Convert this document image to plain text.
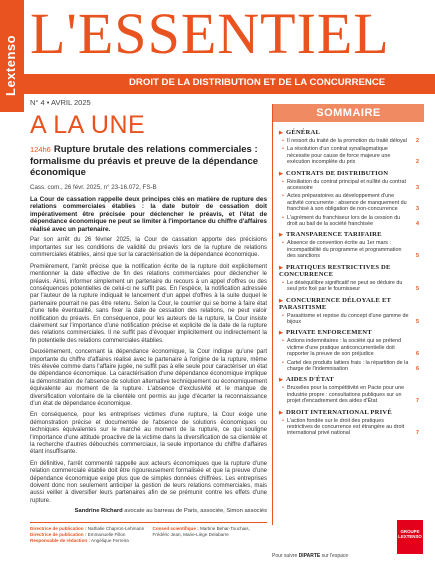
Lextenso L'ESSENTIEL
DROIT DE LA DISTRIBUTION ET DE LA CONCURRENCE
N° 4 • AVRIL 2025
A LA UNE
124h6 Rupture brutale des relations commerciales : formalisme du préavis et preuve de la dépendance économique
Cass. com., 26 févr. 2025, n° 23-16.072, FS-B
La Cour de cassation rappelle deux principes clés en matière de rupture des relations commerciales établies : la date butoir de cessation doit impérativement être précisée pour déclencher le préavis, et l'état de dépendance économique ne peut se limiter à l'importance du chiffre d'affaires réalisé avec un partenaire.
Par son arrêt du 26 février 2025, la Cour de cassation apporte des précisions importantes sur les conditions de validité du préavis lors de la rupture de relations commerciales établies, ainsi que sur la caractérisation de la dépendance économique.
Premièrement, l'arrêt précise que la notification écrite de la rupture doit explicitement mentionner la date effective de fin des relations commerciales pour déclencher le préavis. Ainsi, informer simplement un partenaire du recours à un appel d'offres ou des conséquences potentielles de celui-ci ne suffit pas. En l'espèce, la notification adressée par l'auteur de la rupture indiquait le lancement d'un appel d'offres à la suite duquel le partenaire pourrait ne pas être retenu. Selon la Cour, le courrier qui se borne à faire état d'une telle éventualité, sans fixer la date de cessation des relations, ne peut valoir notification du préavis. En conséquence, pour les auteurs de la rupture, la Cour insiste clairement sur l'importance d'une notification précise et explicite de la date de la rupture des relations commerciales. Il ne suffit pas d'évoquer implicitement ou indirectement la fin potentielle des relations commerciales établies.
Deuxièmement, concernant la dépendance économique, la Cour indique qu'une part importante du chiffre d'affaires réalisé avec le partenaire à l'origine de la rupture, même très élevée comme dans l'affaire jugée, ne suffit pas à elle seule pour caractériser un état de dépendance économique. La caractérisation d'une dépendance économique implique la démonstration de l'absence de solution alternative techniquement ou économiquement équivalente au moment de la rupture. L'absence d'exclusivité et le manque de diversification volontaire de la clientèle ont permis au juge d'écarter la reconnaissance d'un état de dépendance économique.
En conséquence, pour les entreprises victimes d'une rupture, la Cour exige une démonstration précise et documentée de l'absence de solutions économiques ou techniques équivalentes sur le marché au moment de la rupture, ce qui souligne l'importance d'une attitude proactive de la victime dans la diversification de sa clientèle et la recherche d'autres débouchés commerciaux, la seule importance du chiffre d'affaires étant insuffisante.
En définitive, l'arrêt commenté rappelle aux acteurs économiques que la rupture d'une relation commerciale établie doit être rigoureusement formalisée et que la preuve d'une dépendance économique exige plus que de simples données chiffrées. Les entreprises doivent donc non seulement anticiper la gestion de leurs relations commerciales, mais aussi veiller à diversifier leurs partenaires afin de se prémunir contre les effets d'une rupture.
Sandrine Richard avocate au barreau de Paris, associée, Simon associés
SOMMAIRE
▶ GÉNÉRAL
• Il ressort du traité de la promotion du traité déloyal 2
• La résolution d'un contrat synallagmatique nécessite pour cause de force majeure une exécution incomplète du prix	2
▶ CONTRATS DE DISTRIBUTION
• Résiliation du contrat principal et nullité du contrat accessoire	3
• Actes préparatoires au développement d'une activité concurrente : absence de manquement du franchisé à son obligation de non-concurrence	3
• L'agrément du franchiseur lors de la cession du droit au bail de la société franchisée	4
▶ TRANSPARENCE TARIFAIRE
• Absence de convention écrite au 1er mars : incompatibilité du programme et programmation des sanctions	5
▶ PRATIQUES RESTRICTIVES DE CONCURRENCE
• Le déséquilibre significatif ne peut se déduire du seul prix fixé par le fournisseur	5
▶ CONCURRENCE DÉLOYALE ET PARASITISME
• Parasitisme et reprise du concept d'une gamme de bijoux	5
▶ PRIVATE ENFORCEMENT
• Actions indemnitaires : la société qui se prétend victime d'une pratique anticoncurrentielle doit rapporter la preuve de son préjudice	6
• Cartel des produits laitiers frais : la répartition de la charge de l'indemnisation	6
▶ AIDES D'ÉTAT
• Bruxelles pour la compétitivité en Pacte pour une industrie propre : consultations publiques sur un projet d'encadrement des aides d'État	7
▶ DROIT INTERNATIONAL PRIVÉ
• L'action fondée sur le droit des pratiques restrictives de concurrence est étrangère au droit international privé national	7
Directrice de publication : Nathalie Chapron-Lehmann
Directrice de publication : Emmanuelle Fillon
Responsable de rédaction : Angélique Ferreira
Conseil scientifique : Martine Behar-Touchais, Frédéric Jean, Marie-Liège Delabarre
Pour suivre DIPARTE sur l'espace
GROUPE LEXTENSO
